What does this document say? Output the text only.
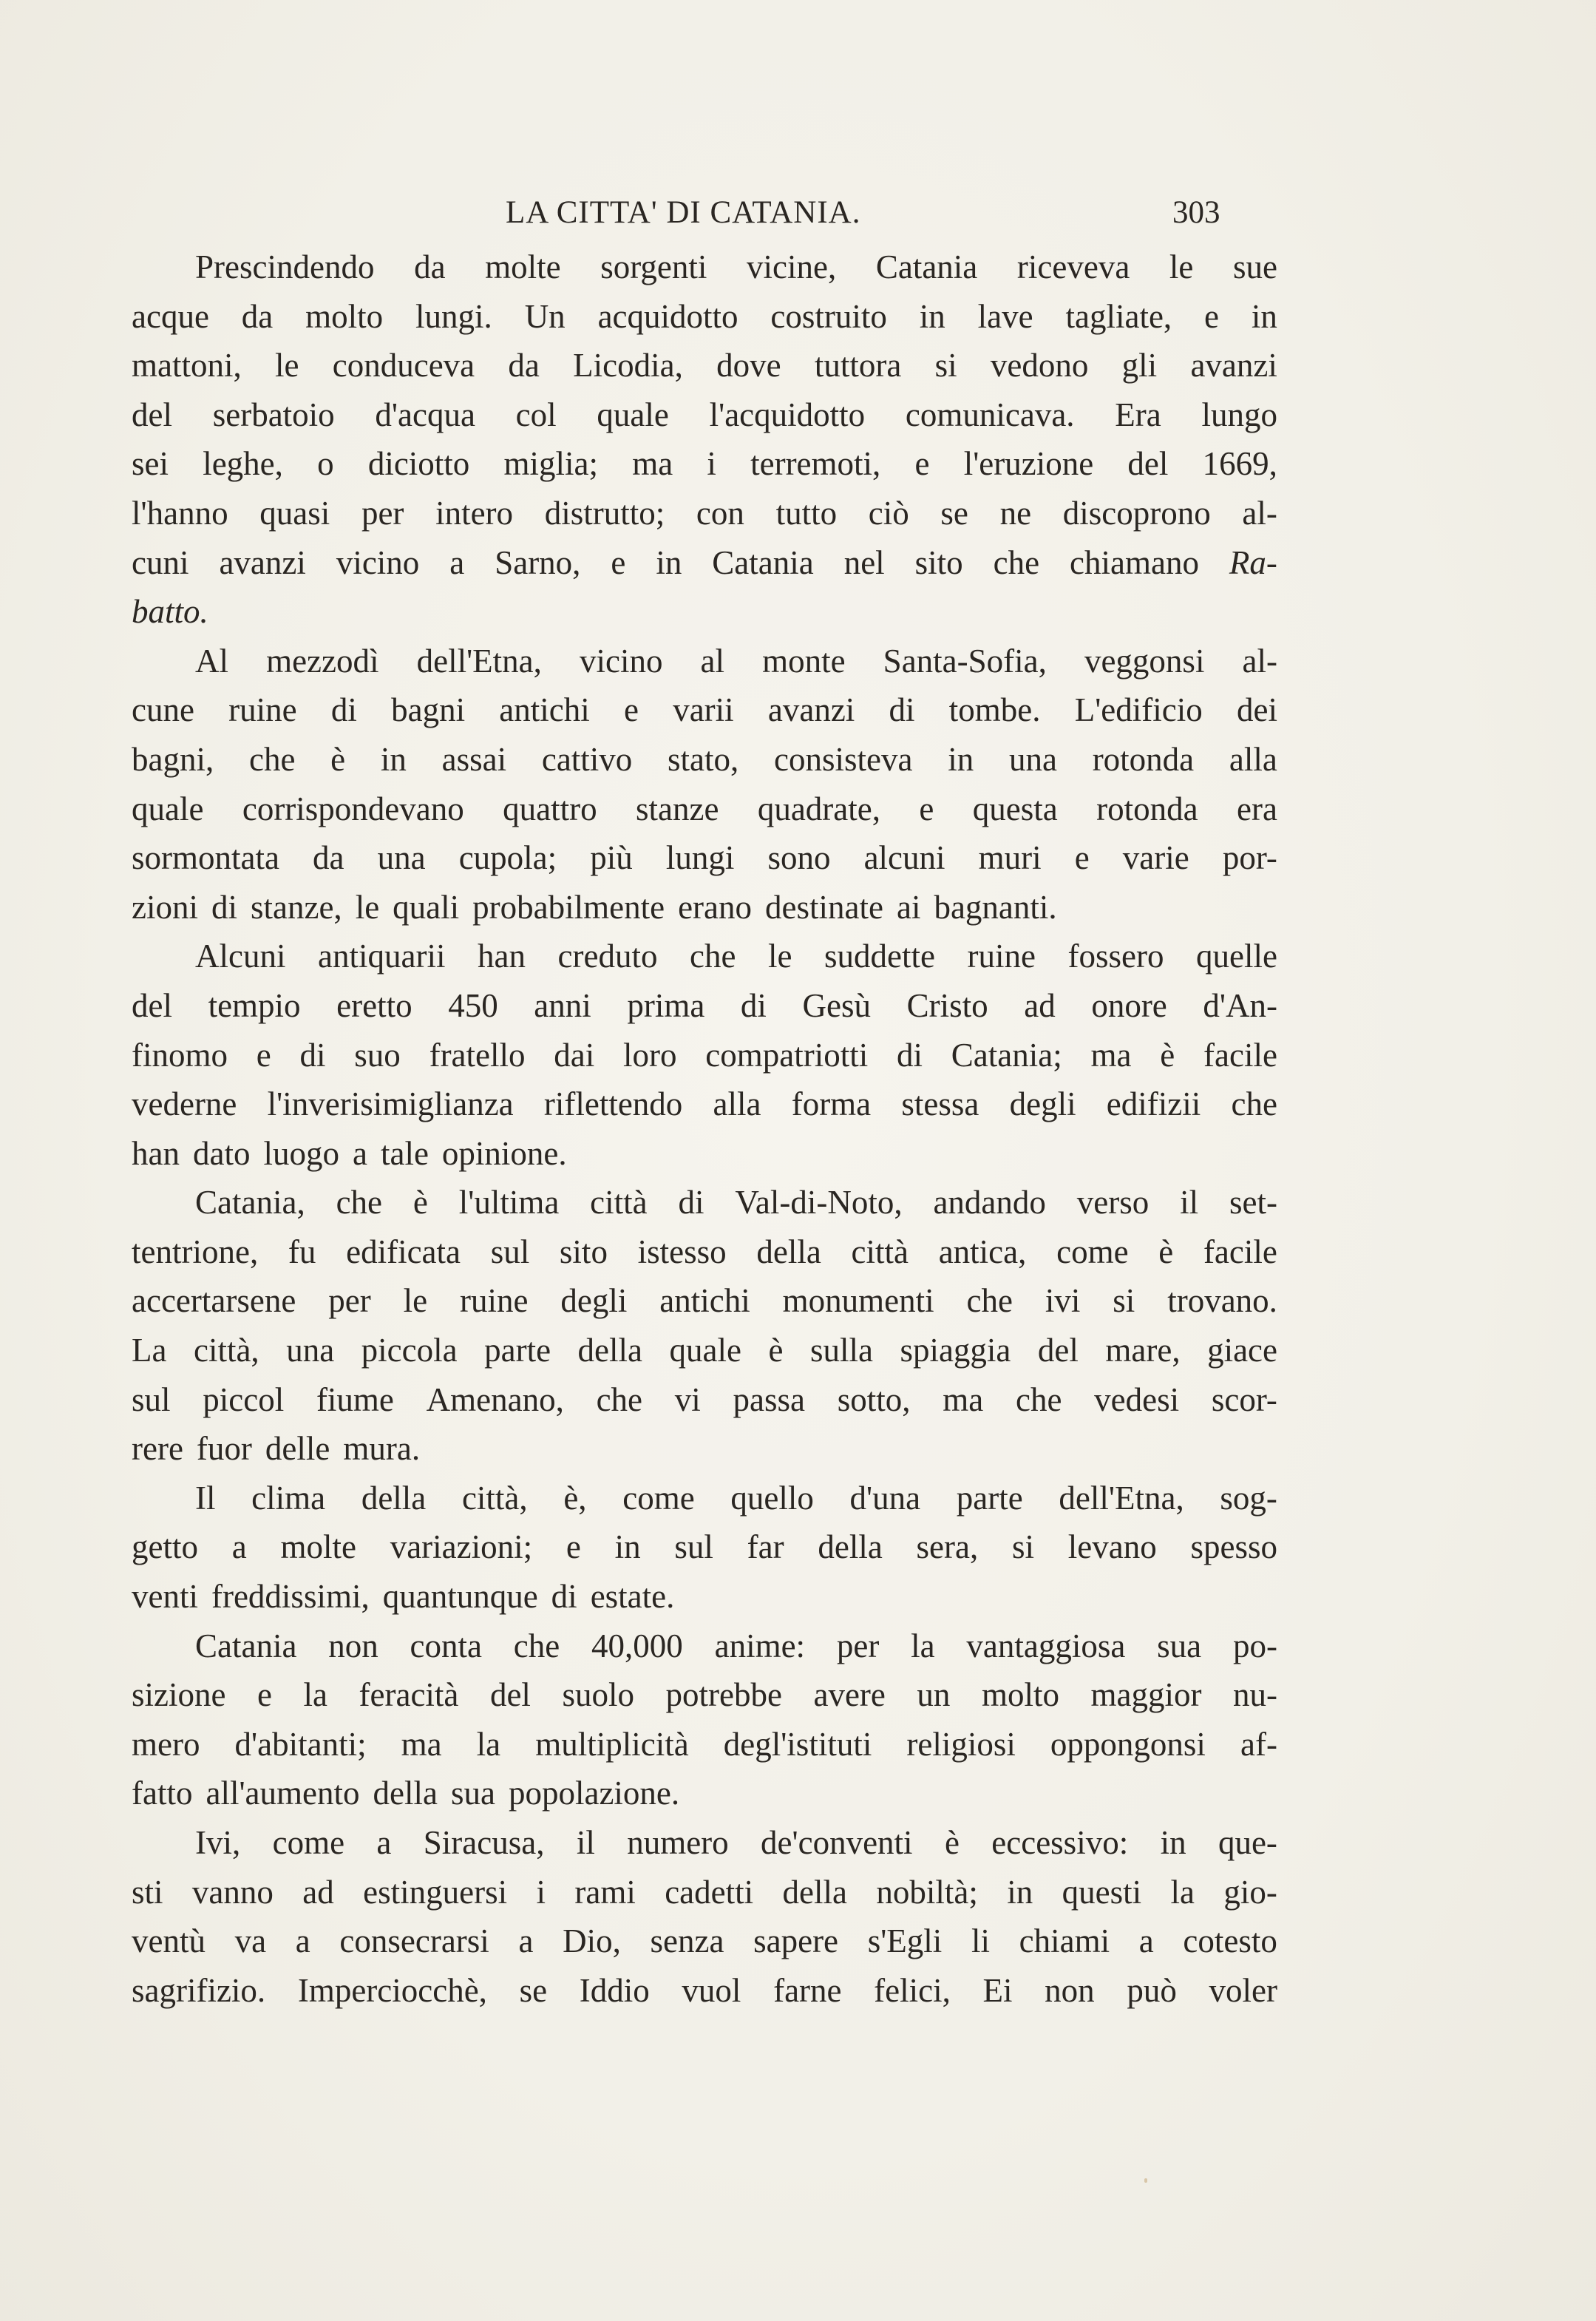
LA CITTA' DI CATANIA.	303
Prescindendo da molte sorgenti vicine, Catania riceveva le sue
acque da molto lungi. Un acquidotto costruito in lave tagliate, e in
mattoni, le conduceva da Licodia, dove tuttora si vedono gli avanzi
del serbatoio d'acqua col quale l'acquidotto comunicava. Era lungo
sei leghe, o diciotto miglia; ma i terremoti, e l'eruzione del 1669,
l'hanno quasi per intero distrutto; con tutto ciò se ne discoprono al-
cuni avanzi vicino a Sarno, e in Catania nel sito che chiamano Ra-
batto.
Al mezzodì dell'Etna, vicino al monte Santa-Sofia, veggonsi al-
cune ruine di bagni antichi e varii avanzi di tombe. L'edificio dei
bagni, che è in assai cattivo stato, consisteva in una rotonda alla
quale corrispondevano quattro stanze quadrate, e questa rotonda era
sormontata da una cupola; più lungi sono alcuni muri e varie por-
zioni di stanze, le quali probabilmente erano destinate ai bagnanti.
Alcuni antiquarii han creduto che le suddette ruine fossero quelle
del tempio eretto 450 anni prima di Gesù Cristo ad onore d'An-
finomo e di suo fratello dai loro compatriotti di Catania; ma è facile
vederne l'inverisimiglianza riflettendo alla forma stessa degli edifizii che
han dato luogo a tale opinione.
Catania, che è l'ultima città di Val-di-Noto, andando verso il set-
tentrione, fu edificata sul sito istesso della città antica, come è facile
accertarsene per le ruine degli antichi monumenti che ivi si trovano.
La città, una piccola parte della quale è sulla spiaggia del mare, giace
sul piccol fiume Amenano, che vi passa sotto, ma che vedesi scor-
rere fuor delle mura.
Il clima della città, è, come quello d'una parte dell'Etna, sog-
getto a molte variazioni; e in sul far della sera, si levano spesso
venti freddissimi, quantunque di estate.
Catania non conta che 40,000 anime: per la vantaggiosa sua po-
sizione e la feracità del suolo potrebbe avere un molto maggior nu-
mero d'abitanti; ma la multiplicità degl'istituti religiosi oppongonsi af-
fatto all'aumento della sua popolazione.
Ivi, come a Siracusa, il numero de'conventi è eccessivo: in que-
sti vanno ad estinguersi i rami cadetti della nobiltà; in questi la gio-
ventù va a consecrarsi a Dio, senza sapere s'Egli li chiami a cotesto
sagrifizio. Imperciocchè, se Iddio vuol farne felici, Ei non può voler
